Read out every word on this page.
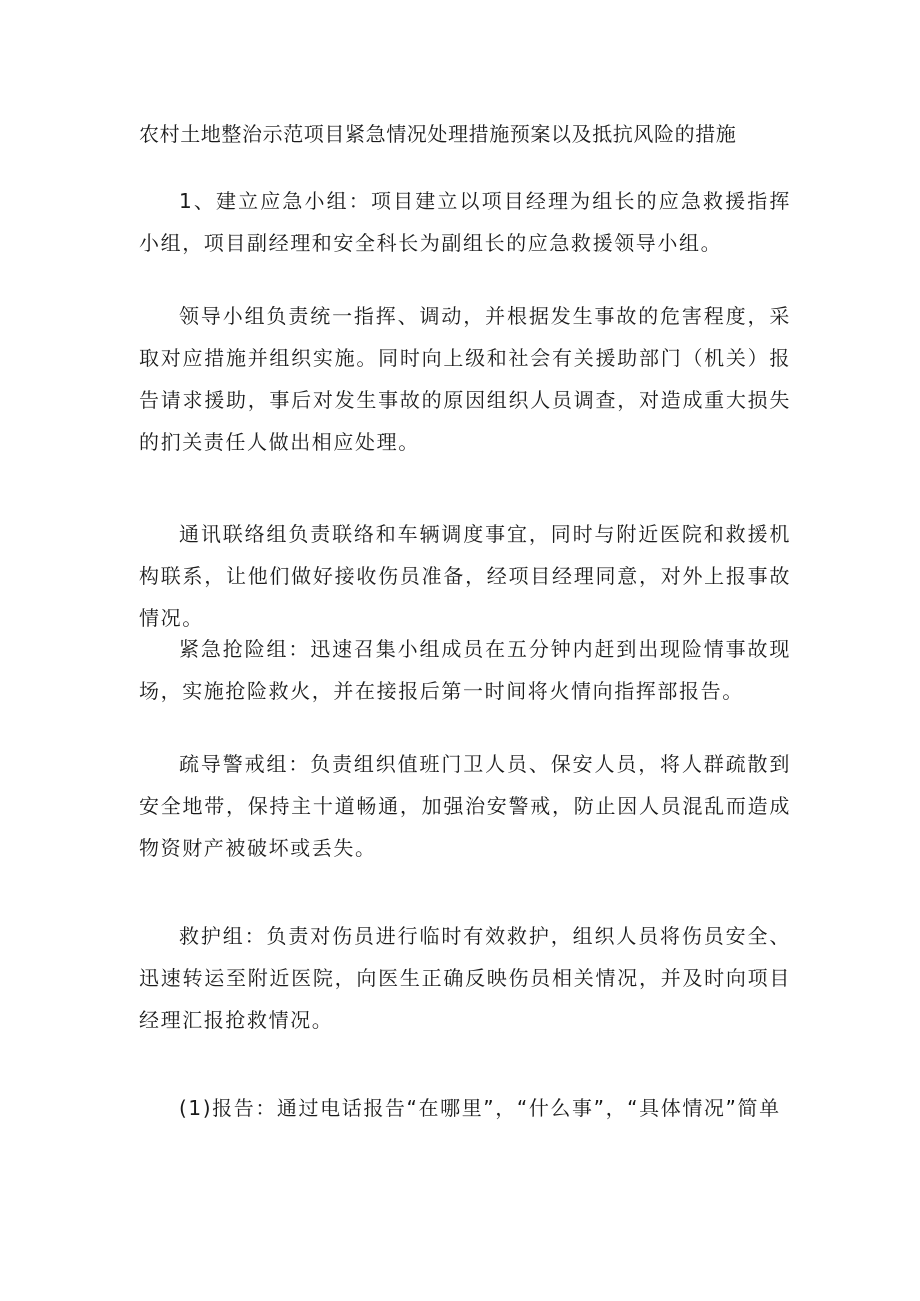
农村土地整治示范项目紧急情况处理措施预案以及抵抗风险的措施

1、建立应急小组：项目建立以项目经理为组长的应急救援指挥小组，项目副经理和安全科长为副组长的应急救援领导小组。

领导小组负责统一指挥、调动，并根据发生事故的危害程度，采取对应措施并组织实施。同时向上级和社会有关援助部门（机关）报告请求援助，事后对发生事故的原因组织人员调查，对造成重大损失的扪关责任人做出相应处理。

通讯联络组负责联络和车辆调度事宜，同时与附近医院和救援机构联系，让他们做好接收伤员准备，经项目经理同意，对外上报事故情况。

紧急抢险组：迅速召集小组成员在五分钟内赶到出现险情事故现场，实施抢险救火，并在接报后第一时间将火情向指挥部报告。

疏导警戒组：负责组织值班门卫人员、保安人员，将人群疏散到安全地带，保持主十道畅通，加强治安警戒，防止因人员混乱而造成物资财产被破坏或丢失。

救护组：负责对伤员进行临时有效救护，组织人员将伤员安全、迅速转运至附近医院，向医生正确反映伤员相关情况，并及时向项目经理汇报抢救情况。

(1)报告：通过电话报告“在哪里”，“什么事”，“具体情况”简单
